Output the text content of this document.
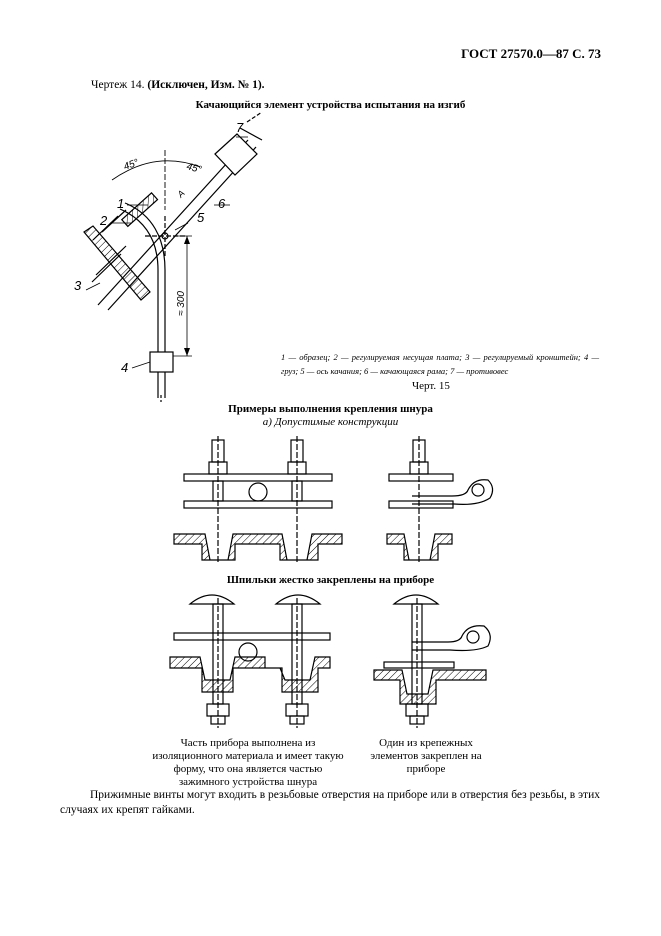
ГОСТ 27570.0—87 С. 73
Чертеж 14. (Исключен, Изм. № 1).
Качающийся элемент устройства испытания на изгиб
1
2
3
4
5
6
7
45°	45°
A
≈ 300
1 — образец; 2 — регулируемая несущая плата; 3 — регулируемый кронштейн; 4 — груз; 5 — ось качания; 6 — качающаяся рама; 7 — противовес
Черт. 15
Примеры выполнения крепления шнура
а) Допустимые конструкции
Шпильки жестко закреплены на приборе
Часть прибора выполнена из изоляционного материала и имеет такую форму, что она является частью зажимного устройства шнура
Один из крепежных элементов закреплен на приборе
Прижимные винты могут входить в резьбовые отверстия на приборе или в отверстия без резьбы, в этих случаях их крепят гайками.
